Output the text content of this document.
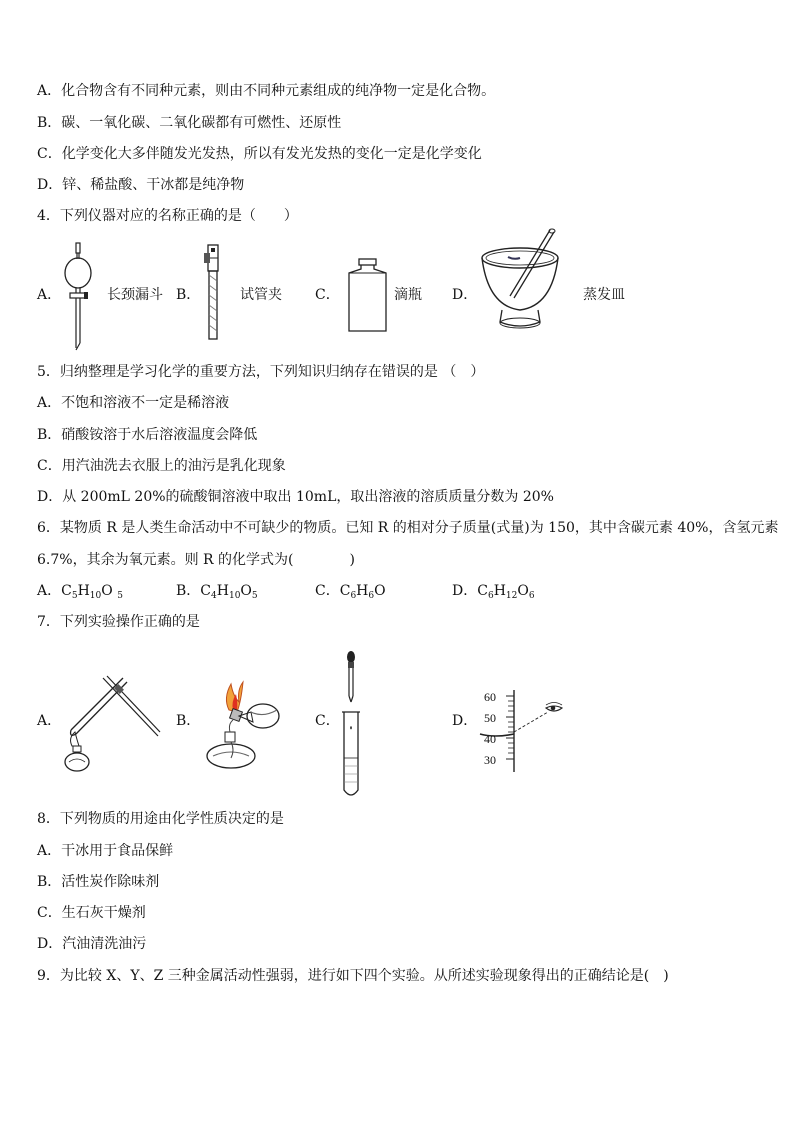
A．化合物含有不同种元素，则由不同种元素组成的纯净物一定是化合物。
B．碳、一氧化碳、二氧化碳都有可燃性、还原性
C．化学变化大多伴随发光发热，所以有发光发热的变化一定是化学变化
D．锌、稀盐酸、干冰都是纯净物
4．下列仪器对应的名称正确的是（　　）
A．	长颈漏斗 B．	试管夹 C．	滴瓶 D．	蒸发皿
5．归纳整理是学习化学的重要方法，下列知识归纳存在错误的是 （　）
A．不饱和溶液不一定是稀溶液
B．硝酸铵溶于水后溶液温度会降低
C．用汽油洗去衣服上的油污是乳化现象
D．从 200mL 20%的硫酸铜溶液中取出 10mL，取出溶液的溶质质量分数为 20%
6．某物质 R 是人类生命活动中不可缺少的物质。已知 R 的相对分子质量(式量)为 150，其中含碳元素 40%，含氢元素
6.7%，其余为氧元素。则 R 的化学式为(　　　　)
A．$C_5H_{10}O$ $_5$	B．$C_4H_{10}O_5$	C．$C_6H_6O$	D．$C_6H_{12}O_6$
7．下列实验操作正确的是
A．	B．	C．	D．
60
50
40
30
8．下列物质的用途由化学性质决定的是
A．干冰用于食品保鲜
B．活性炭作除味剂
C．生石灰干燥剂
D．汽油清洗油污
9．为比较 X、Y、Z 三种金属活动性强弱，进行如下四个实验。从所述实验现象得出的正确结论是(　)
